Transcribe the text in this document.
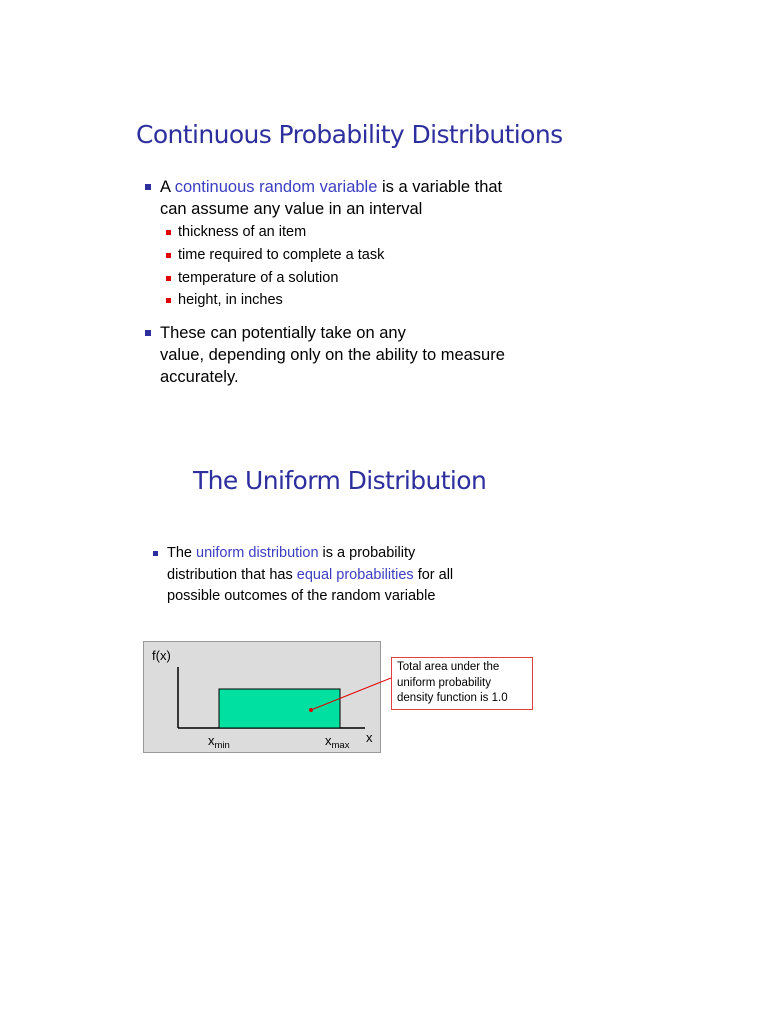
Continuous Probability Distributions

A continuous random variable is a variable that
can assume any value in an interval

thickness of an item

time required to complete a task

temperature of a solution

height, in inches

These can potentially take on any
value, depending only on the ability to measure
accurately.

The Uniform Distribution

The uniform distribution is a probability
distribution that has equal probabilities for all
possible outcomes of the random variable

f(x)
x
$x_{min}$	$x_{max}$
Total area under the
uniform probability
density function is 1.0
